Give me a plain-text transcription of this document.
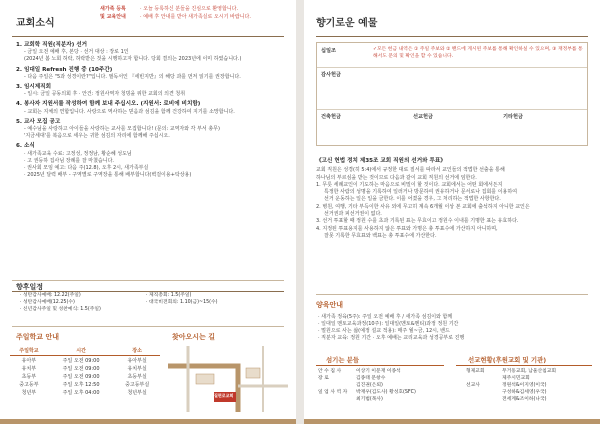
교회소식
새가족 등록	· 오늘 등록하신 분들을 진심으로 환영합니다.
및 교육안내	· 예배 후 안내를 받아 새가족실로 오시기 바랍니다.
1. 교회학 직원(직분자) 선거
- 금일 오전 예배 후, 본당 · 선거 대상 : 장로 1인
(2024년 봄 노회 허락, 허락받은 것을 시행하고자 합니다. 당회 결의는 2023년에 이미 하였습니다.)
2. 임대일 Refresh 진행 중 (10주간)
- 다음 주일은 "5과 성경이란?"입니다. 필독서인 『세빈지반』의 해당 과를 먼저 읽기를 권장합니다.
3. 임시제직회
- 일시: 금일 공동의회 후 · 안건: 정원사역자 청빙을 위한 교회의 의견 청취
4. 봉사자 지원서를 작성하여 함께 보내 주십시오. (지원서: 로비에 비치함)
- 교회는 지체의 연합입니다. 사랑으로 역사하는 믿음과 섬김을 함께 건강하여 지기를 소망합니다.
5. 교사 모집 공고
- 예수님을 사랑하고 아이들을 사랑하는 교사를 모집합니다! (문의: 교역자와 각 부서 총무)
'지금세대'를 복음으로 세우는 귀한 섬김의 자리에 함께해 주십시오.
6. 소식
· 새가족교육 수료: 고정성, 정정남, 황순혜 성도님
· 고 권등하 집사님 장례를 잘 마쳤습니다.
· 권사회 모임 예고: 다음 주(12.8), 오후 2시, 새가족부실
· 2025년 달력 배부 - 구역별로 구역장을 통해 배부합니다(벽걸이용+탁상용)
향후일정
· 성탄감사예배: 12.22(주일)
· 성탄감사예배(12.25(수)
· 신년감사주일 및 성찬예식: 1.5(주일)
· 제직총회: 1.5(주일)
· 대국비전회의: 1.10(금)~15(수)
주일학교 안내
주일학교	시간	장소
유아부	주일 오전 09:00	유아부실
유치부	주일 오전 09:00	유치부실
초등부	주일 오전 09:00	초등부실
중고등부	주일 오후 12:50	중고등부실
청년부	주일 오후 04:00	청년부실
찾아오시는 길
질편로교회
향기로운 예물
십일조	✓모든 헌금 내역은 ① 주일 주보와 ② 밴드에 게시된 주보를 통해 확인하실 수 있으며, ③ 재정부를 통해서도 문의 및 확인을 할 수 있습니다.
감사헌금
건축헌금	선교헌금	기타헌금
《고신 헌법 정치 제35조 교회 직원의 선거와 투표》

교회 직원은 성경(히 5:4)에서 규정한 대로 질서를 따라서 교인들의 적법한 선출을 통해

하나님의 부르심을 받는 것이므로 다음과 같이 교회 직원의 선거에 임한다.

1. 무릇 세례교인이 기도하는 마음으로 비밀이 할 것이다. 교회에서는 어떤 회에서든지

특정한 사람의 성명을 기록하여 일러거나 방문하여 권유하거나 문서로나 집회를 이용하여

선거 운동하는 일은 일을 금한다. 이를 어겼을 경우, 그 처리하는 적법한 사항한다.

2. 병원, 여행, 기타 부득이한 사유 외에 무고히 계속 6개월 이상 본 교회에 출석하지 아니한 교인은

선거권과 피선거권이 없다.

3. 선거 투표할 때 정원 수를 초과 기록된 표는 무효이고 정원수 이내를 기명한 표는 유효하다.

4. 지정된 투표용지를 사용하지 않은 투표와 가명은 총 투표수에 가산하지 아니하며,

잘못 기록한 무효표와 백표는 총 투표수에 가산한다.

양육안내
· 새가족 정육(5주): 주일 오전 예배 후 / 새가족 섬김이와 함께
· 일대일 멘토교육과정(10주): 일대일(멘토&멘티)과정 정원 기간
· 멀원으로 사는 삶(예정 설교 적용): 매주 월~금, 12시, 밴드
· 직분자 교육: 정원 기간 · 오후 예배는 교리교육과 성경공부로 진행
섬기는 분들	선교현황(후원교회 및 기관)
안 수 집 사	이상기 이문재 이종석
장 로	김종태 문창수
김진권(은퇴)
일 업 사 역 자 박재우(김도사) 황성호(SFC)
최기범(목사)
형제교회	무거동교회, 남울산침교회
제주시민교회
선교사	정원석&이지영(이국)
구성하&김세영(우국)
전세계&조이하(나국)
